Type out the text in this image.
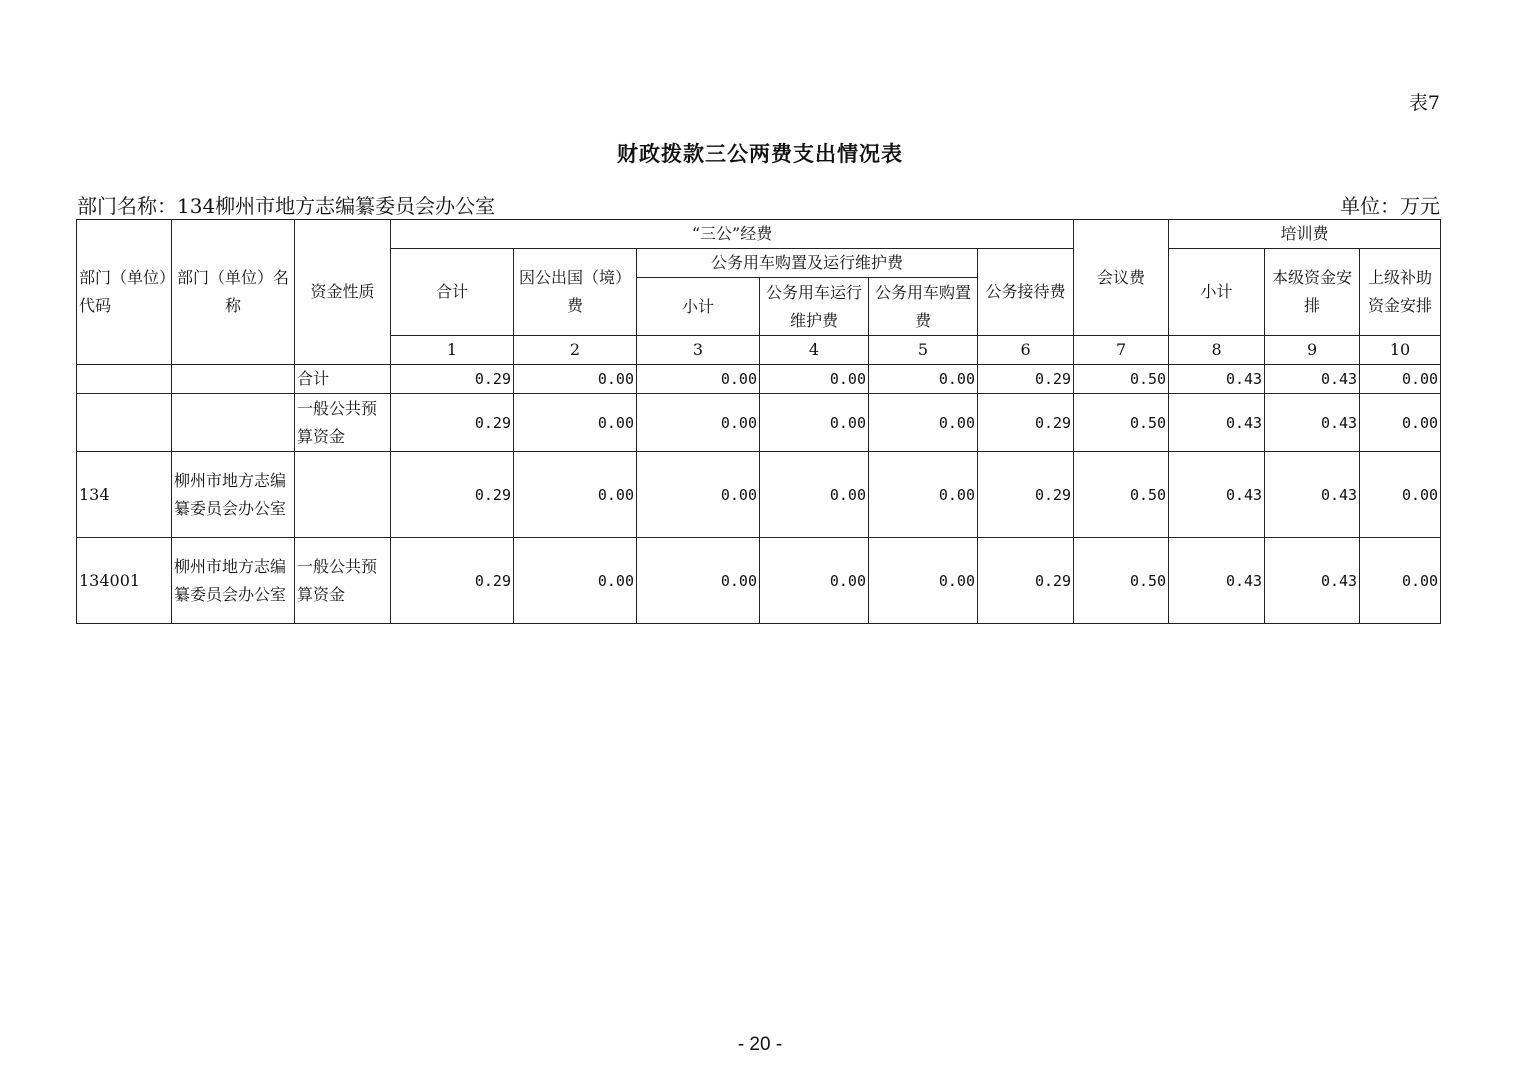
表7
财政拨款三公两费支出情况表
部门名称：134柳州市地方志编纂委员会办公室	单位：万元
部门（单位）代码	部门（单位）名称	资金性质	“三公”经费						会议费	培训费		
			合计	因公出国（境）费	公务用车购置及运行维护费			公务接待费		小计	本级资金安排	上级补助资金安排
					小计	公务用车运行维护费	公务用车购置费					
			1	2	3	4	5	6	7	8	9	10
		合计	0.29	0.00	0.00	0.00	0.00	0.29	0.50	0.43	0.43	0.00
		一般公共预算资金	0.29	0.00	0.00	0.00	0.00	0.29	0.50	0.43	0.43	0.00
134	柳州市地方志编纂委员会办公室		0.29	0.00	0.00	0.00	0.00	0.29	0.50	0.43	0.43	0.00
134001	柳州市地方志编纂委员会办公室	一般公共预算资金	0.29	0.00	0.00	0.00	0.00	0.29	0.50	0.43	0.43	0.00
- 20 -
